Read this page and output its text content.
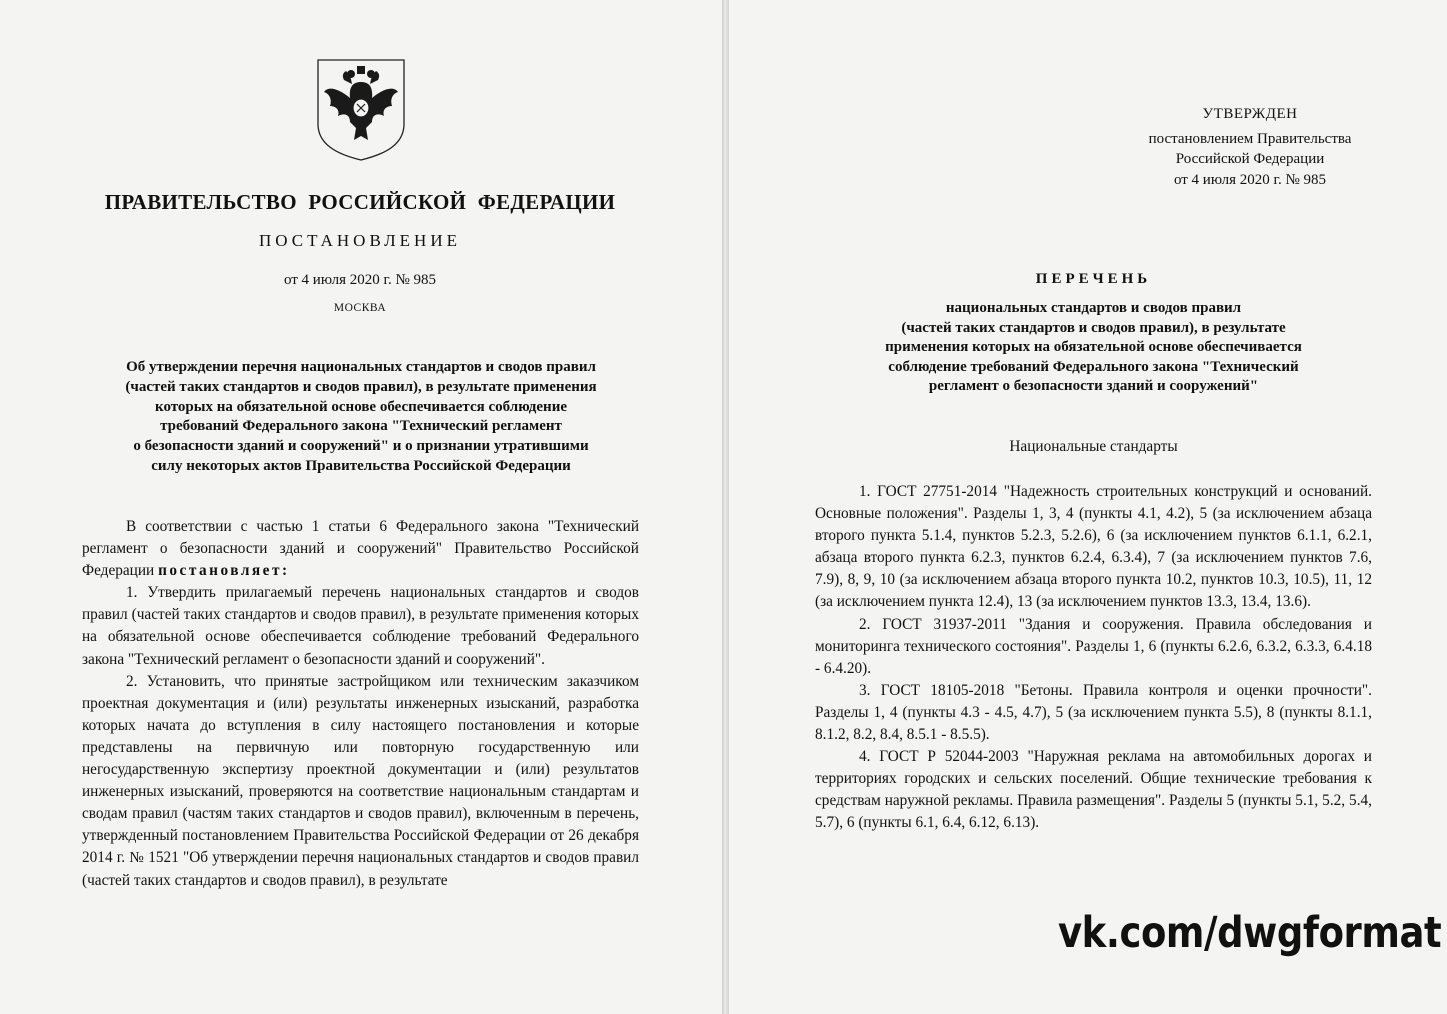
ПРАВИТЕЛЬСТВО РОССИЙСКОЙ ФЕДЕРАЦИИ
ПОСТАНОВЛЕНИЕ
от 4 июля 2020 г. № 985
МОСКВА
Об утверждении перечня национальных стандартов и сводов правил
(частей таких стандартов и сводов правил), в результате применения
которых на обязательной основе обеспечивается соблюдение
требований Федерального закона "Технический регламент
о безопасности зданий и сооружений" и о признании утратившими
силу некоторых актов Правительства Российской Федерации

В соответствии с частью 1 статьи 6 Федерального закона "Технический регламент о безопасности зданий и сооружений" Правительство Российской Федерации постановляет:

1. Утвердить прилагаемый перечень национальных стандартов и сводов правил (частей таких стандартов и сводов правил), в результате применения которых на обязательной основе обеспечивается соблюдение требований Федерального закона "Технический регламент о безопасности зданий и сооружений".

2. Установить, что принятые застройщиком или техническим заказчиком проектная документация и (или) результаты инженерных изысканий, разработка которых начата до вступления в силу настоящего постановления и которые представлены на первичную или повторную государственную или негосударственную экспертизу проектной документации и (или) результатов инженерных изысканий, проверяются на соответствие национальным стандартам и сводам правил (частям таких стандартов и сводов правил), включенным в перечень, утвержденный постановлением Правительства Российской Федерации от 26 декабря 2014 г. № 1521 "Об утверждении перечня национальных стандартов и сводов правил (частей таких стандартов и сводов правил), в результате

УТВЕРЖДЕН
постановлением Правительства
Российской Федерации
от 4 июля 2020 г. № 985
ПЕРЕЧЕНЬ
национальных стандартов и сводов правил
(частей таких стандартов и сводов правил), в результате
применения которых на обязательной основе обеспечивается
соблюдение требований Федерального закона "Технический
регламент о безопасности зданий и сооружений"
Национальные стандарты

1. ГОСТ 27751-2014 "Надежность строительных конструкций и оснований. Основные положения". Разделы 1, 3, 4 (пункты 4.1, 4.2), 5 (за исключением абзаца второго пункта 5.1.4, пунктов 5.2.3, 5.2.6), 6 (за исключением пунктов 6.1.1, 6.2.1, абзаца второго пункта 6.2.3, пунктов 6.2.4, 6.3.4), 7 (за исключением пунктов 7.6, 7.9), 8, 9, 10 (за исключением абзаца второго пункта 10.2, пунктов 10.3, 10.5), 11, 12 (за исключением пункта 12.4), 13 (за исключением пунктов 13.3, 13.4, 13.6).

2. ГОСТ 31937-2011 "Здания и сооружения. Правила обследования и мониторинга технического состояния". Разделы 1, 6 (пункты 6.2.6, 6.3.2, 6.3.3, 6.4.18 - 6.4.20).

3. ГОСТ 18105-2018 "Бетоны. Правила контроля и оценки прочности". Разделы 1, 4 (пункты 4.3 - 4.5, 4.7), 5 (за исключением пункта 5.5), 8 (пункты 8.1.1, 8.1.2, 8.2, 8.4, 8.5.1 - 8.5.5).

4. ГОСТ Р 52044-2003 "Наружная реклама на автомобильных дорогах и территориях городских и сельских поселений. Общие технические требования к средствам наружной рекламы. Правила размещения". Разделы 5 (пункты 5.1, 5.2, 5.4, 5.7), 6 (пункты 6.1, 6.4, 6.12, 6.13).

vk.com/dwgformat
